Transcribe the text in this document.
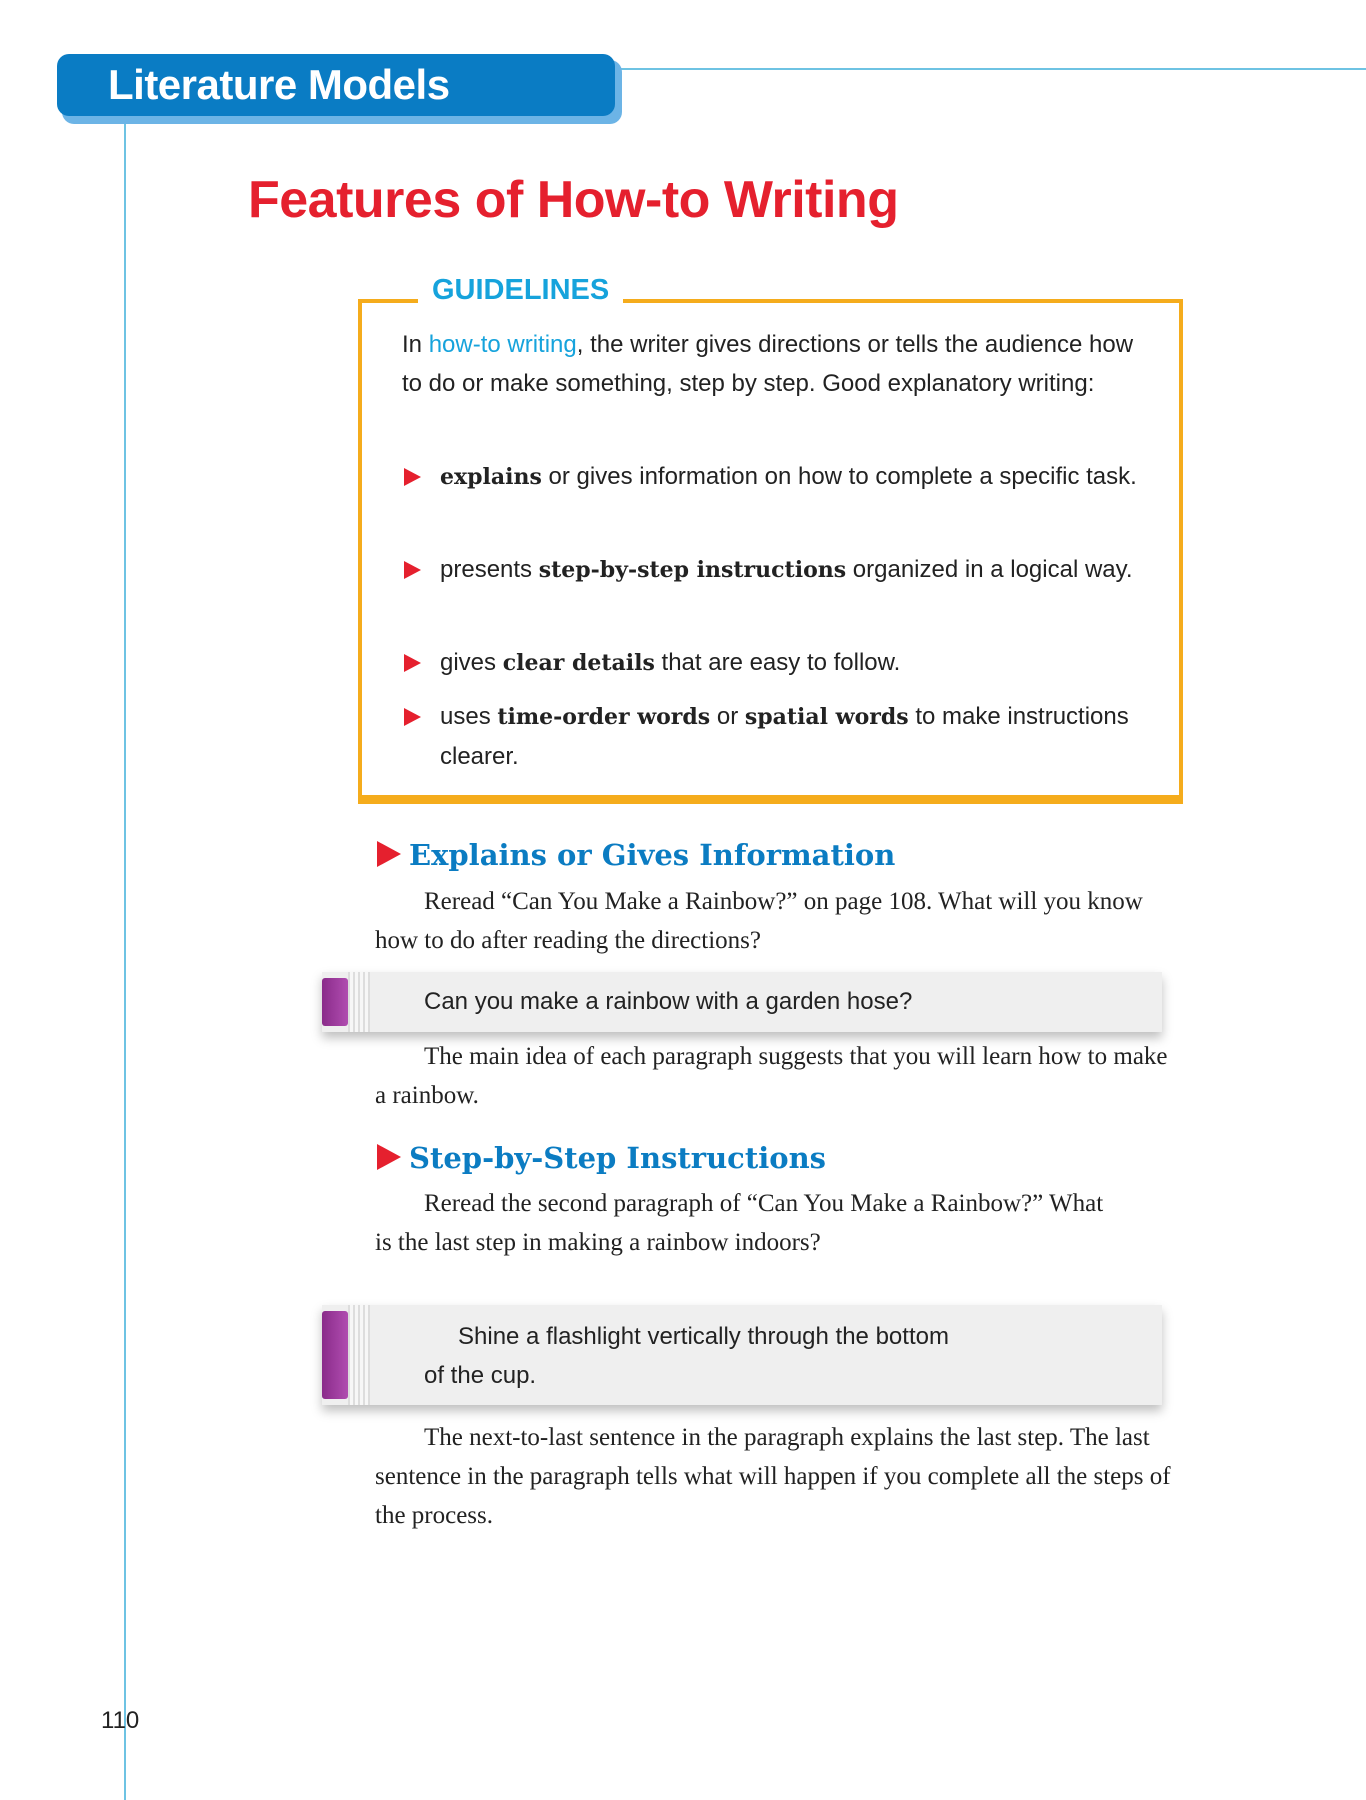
Literature Models
Features of How-to Writing
GUIDELINES
In how-to writing, the writer gives directions or tells the audience how to do or make something, step by step. Good explanatory writing:
explains or gives information on how to complete a specific task.
presents step-by-step instructions organized in a logical way.
gives clear details that are easy to follow.
uses time-order words or spatial words to make instructions clearer.
Explains or Gives Information
Reread “Can You Make a Rainbow?” on page 108. What will you know how to do after reading the directions?
Can you make a rainbow with a garden hose?
The main idea of each paragraph suggests that you will learn how to make a rainbow.
Step-by-Step Instructions
Reread the second paragraph of “Can You Make a Rainbow?” What is the last step in making a rainbow indoors?
Shine a flashlight vertically through the bottom of the cup.
The next-to-last sentence in the paragraph explains the last step. The last sentence in the paragraph tells what will happen if you complete all the steps of the process.
110
